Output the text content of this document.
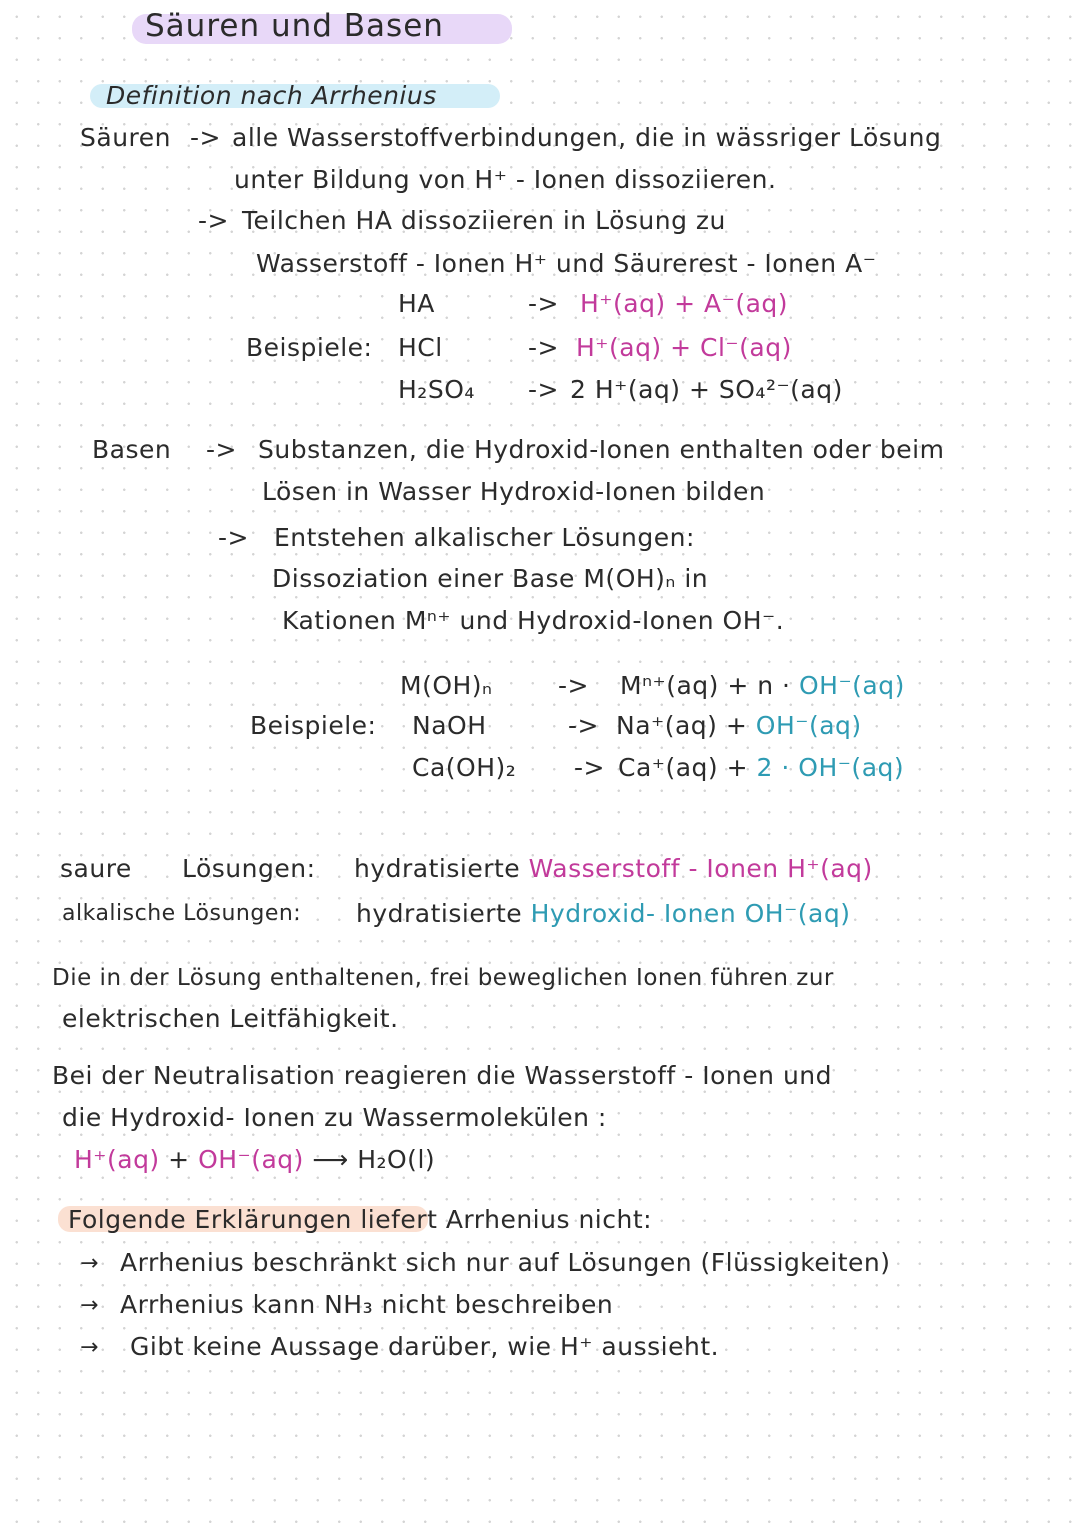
Säuren und Basen
Definition nach Arrhenius
Säuren -> alle Wasserstoffverbindungen, die in wässriger Lösung
unter Bildung von H⁺ - Ionen dissoziieren.
-> Teilchen HA dissoziieren in Lösung zu
Wasserstoff - Ionen H⁺ und Säurerest - Ionen A⁻
HA	-> H⁺(aq) + A⁻(aq)
Beispiele: HCl	-> H⁺(aq) + Cl⁻(aq)
H₂SO₄ -> 2 H⁺(aq) + SO₄²⁻(aq)
Basen -> Substanzen, die Hydroxid-Ionen enthalten oder beim
Lösen in Wasser Hydroxid-Ionen bilden
-> Entstehen alkalischer Lösungen:
Dissoziation einer Base M(OH)ₙ in
Kationen Mⁿ⁺ und Hydroxid-Ionen OH⁻.
M(OH)ₙ	-> Mⁿ⁺(aq) + n · OH⁻(aq)
Beispiele: NaOH	-> Na⁺(aq) + OH⁻(aq)
Ca(OH)₂ -> Ca⁺(aq) + 2 · OH⁻(aq)
saure Lösungen: hydratisierte Wasserstoff - Ionen H⁺(aq)
alkalische Lösungen: hydratisierte Hydroxid- Ionen OH⁻(aq)
Die in der Lösung enthaltenen, frei beweglichen Ionen führen zur
elektrischen Leitfähigkeit.
Bei der Neutralisation reagieren die Wasserstoff - Ionen und
die Hydroxid- Ionen zu Wassermolekülen :
H⁺(aq) + OH⁻(aq) ⟶ H₂O(l)
Folgende Erklärungen liefert Arrhenius nicht:
→ Arrhenius beschränkt sich nur auf Lösungen (Flüssigkeiten)
→ Arrhenius kann NH₃ nicht beschreiben
→ Gibt keine Aussage darüber, wie H⁺ aussieht.
